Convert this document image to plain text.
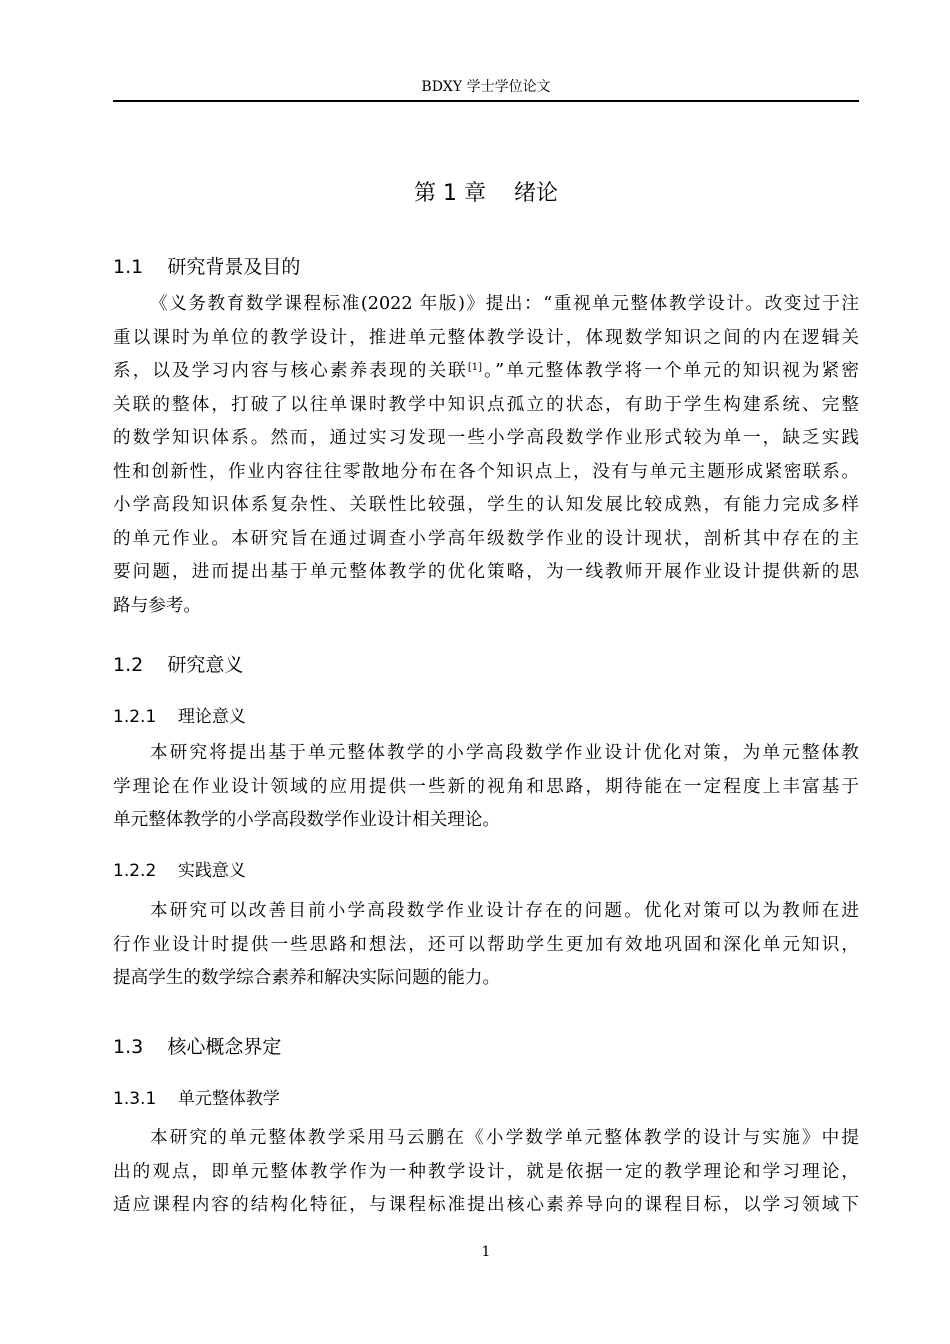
BDXY 学士学位论文
第 1 章    绪论
1.1    研究背景及目的
《义务教育数学课程标准(2022 年版)》提出：“重视单元整体教学设计。改变过于注
重以课时为单位的教学设计，推进单元整体教学设计，体现数学知识之间的内在逻辑关
系，以及学习内容与核心素养表现的关联[1]。”单元整体教学将一个单元的知识视为紧密
关联的整体，打破了以往单课时教学中知识点孤立的状态，有助于学生构建系统、完整
的数学知识体系。然而，通过实习发现一些小学高段数学作业形式较为单一，缺乏实践
性和创新性，作业内容往往零散地分布在各个知识点上，没有与单元主题形成紧密联系。
小学高段知识体系复杂性、关联性比较强，学生的认知发展比较成熟，有能力完成多样
的单元作业。本研究旨在通过调查小学高年级数学作业的设计现状，剖析其中存在的主
要问题，进而提出基于单元整体教学的优化策略，为一线教师开展作业设计提供新的思
路与参考。
1.2    研究意义
1.2.1    理论意义
本研究将提出基于单元整体教学的小学高段数学作业设计优化对策，为单元整体教
学理论在作业设计领域的应用提供一些新的视角和思路，期待能在一定程度上丰富基于
单元整体教学的小学高段数学作业设计相关理论。
1.2.2    实践意义
本研究可以改善目前小学高段数学作业设计存在的问题。优化对策可以为教师在进
行作业设计时提供一些思路和想法，还可以帮助学生更加有效地巩固和深化单元知识，
提高学生的数学综合素养和解决实际问题的能力。
1.3    核心概念界定
1.3.1    单元整体教学
本研究的单元整体教学采用马云鹏在《小学数学单元整体教学的设计与实施》中提
出的观点，即单元整体教学作为一种教学设计，就是依据一定的教学理论和学习理论，
适应课程内容的结构化特征，与课程标准提出核心素养导向的课程目标，以学习领域下
1
